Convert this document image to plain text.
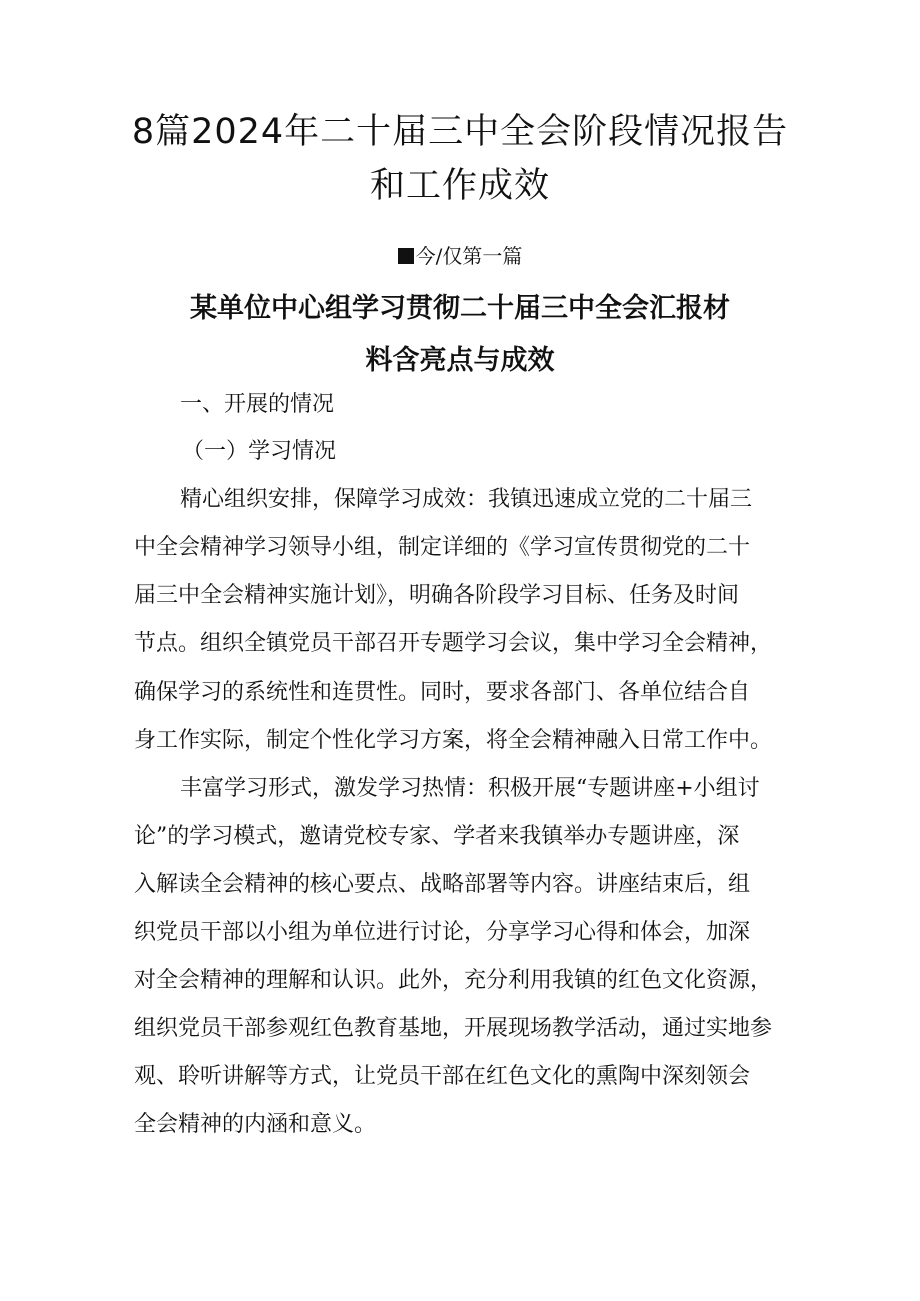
8篇2024年二十届三中全会阶段情况报告
和工作成效

今/仅第一篇

某单位中心组学习贯彻二十届三中全会汇报材
料含亮点与成效
一、开展的情况
（一）学习情况

精心组织安排，保障学习成效：我镇迅速成立党的二十届三

中全会精神学习领导小组，制定详细的《学习宣传贯彻党的二十

届三中全会精神实施计划》，明确各阶段学习目标、任务及时间

节点。组织全镇党员干部召开专题学习会议，集中学习全会精神，

确保学习的系统性和连贯性。同时，要求各部门、各单位结合自

身工作实际，制定个性化学习方案，将全会精神融入日常工作中。

丰富学习形式，激发学习热情：积极开展“专题讲座+小组讨

论”的学习模式，邀请党校专家、学者来我镇举办专题讲座，深

入解读全会精神的核心要点、战略部署等内容。讲座结束后，组

织党员干部以小组为单位进行讨论，分享学习心得和体会，加深

对全会精神的理解和认识。此外，充分利用我镇的红色文化资源，

组织党员干部参观红色教育基地，开展现场教学活动，通过实地参

观、聆听讲解等方式，让党员干部在红色文化的熏陶中深刻领会

全会精神的内涵和意义。
